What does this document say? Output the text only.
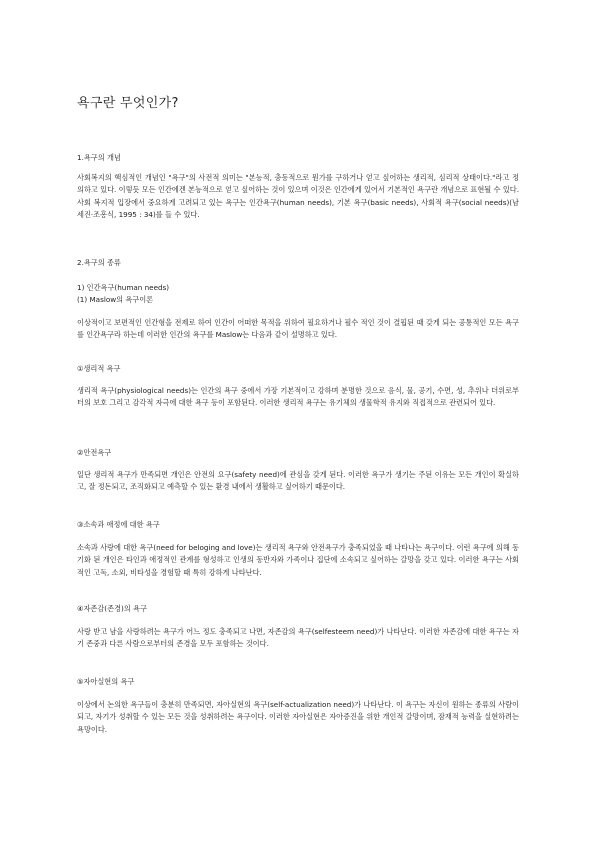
욕구란 무엇인가?
1.욕구의 개념

사회복지의 핵심적인 개념인 "욕구"의 사전적 의미는 "본능적, 충동적으로 뭔가를 구하거나 얻고 싶어하는 생리적, 심리적 상태이다."라고 정의하고 있다. 이렇듯 모든 인간에겐 본능적으로 얻고 싶어하는 것이 있으며 이것은 인간에게 있어서 기본적인 욕구란 개념으로 표현될 수 있다. 사회 복지적 입장에서 중요하게 고려되고 있는 욕구는 인간욕구(human needs), 기본 욕구(basic needs), 사회적 욕구(social needs)(남세진·조흥식, 1995 : 34)를 들 수 있다.

2.욕구의 종류
1) 인간욕구(human needs)
(1) Maslow의 욕구이론

이상적이고 보편적인 인간형을 전제로 하여 인간이 어떠한 목적을 위하여 필요하거나 필수 적인 것이 결핍된 때 갖게 되는 공통적인 모든 욕구를 인간욕구라 하는데 이러한 인간의 욕구를 Maslow는 다음과 같이 설명하고 있다.

①생리적 욕구

생리적 욕구(physiological needs)는 인간의 욕구 중에서 가장 기본적이고 강하며 분명한 것으로 음식, 물, 공기, 수면, 성, 추위나 더위로부터의 보호 그리고 감각적 자극에 대한 욕구 등이 포함된다. 이러한 생리적 욕구는 유기체의 생물학적 유지와 직접적으로 관련되어 있다.

②안전욕구

일단 생리적 욕구가 만족되면 개인은 안전의 요구(safety need)에 관심을 갖게 된다. 이러한 욕구가 생기는 주된 이유는 모든 개인이 확실하고, 잘 정돈되고, 조직화되고 예측할 수 있는 환경 내에서 생활하고 싶어하기 때문이다.

③소속과 애정에 대한 욕구

소속과 사랑에 대한 욕구(need for beloging and love)는 생리적 욕구와 안전욕구가 충족되었을 때 나타나는 욕구이다. 이런 욕구에 의해 동기화 된 개인은 타인과 애정적인 관계를 형성하고 인생의 동반자와 가족이나 집단에 소속되고 싶어하는 갈망을 갖고 있다. 이러한 욕구는 사회적인 고독, 소외, 비타성을 경험할 때 특히 강하게 나타난다.

④자존감(존경)의 욕구

사랑 받고 남을 사랑하려는 욕구가 어느 정도 충족되고 나면, 자존감의 욕구(selfesteem need)가 나타난다. 이러한 자존감에 대한 욕구는 자기 존중과 다른 사람으로부터의 존경을 모두 포함하는 것이다.

⑤자아실현의 욕구

이상에서 논의한 욕구들이 충분히 만족되면, 자아실현의 욕구(self-actualization need)가 나타난다. 이 욕구는 자신이 원하는 종류의 사람이 되고, 자기가 성취할 수 있는 모든 것을 성취하려는 욕구이다. 이러한 자아실현은 자아증진을 위한 개인적 갈망이며, 잠재적 능력을 실현하려는 욕망이다.
